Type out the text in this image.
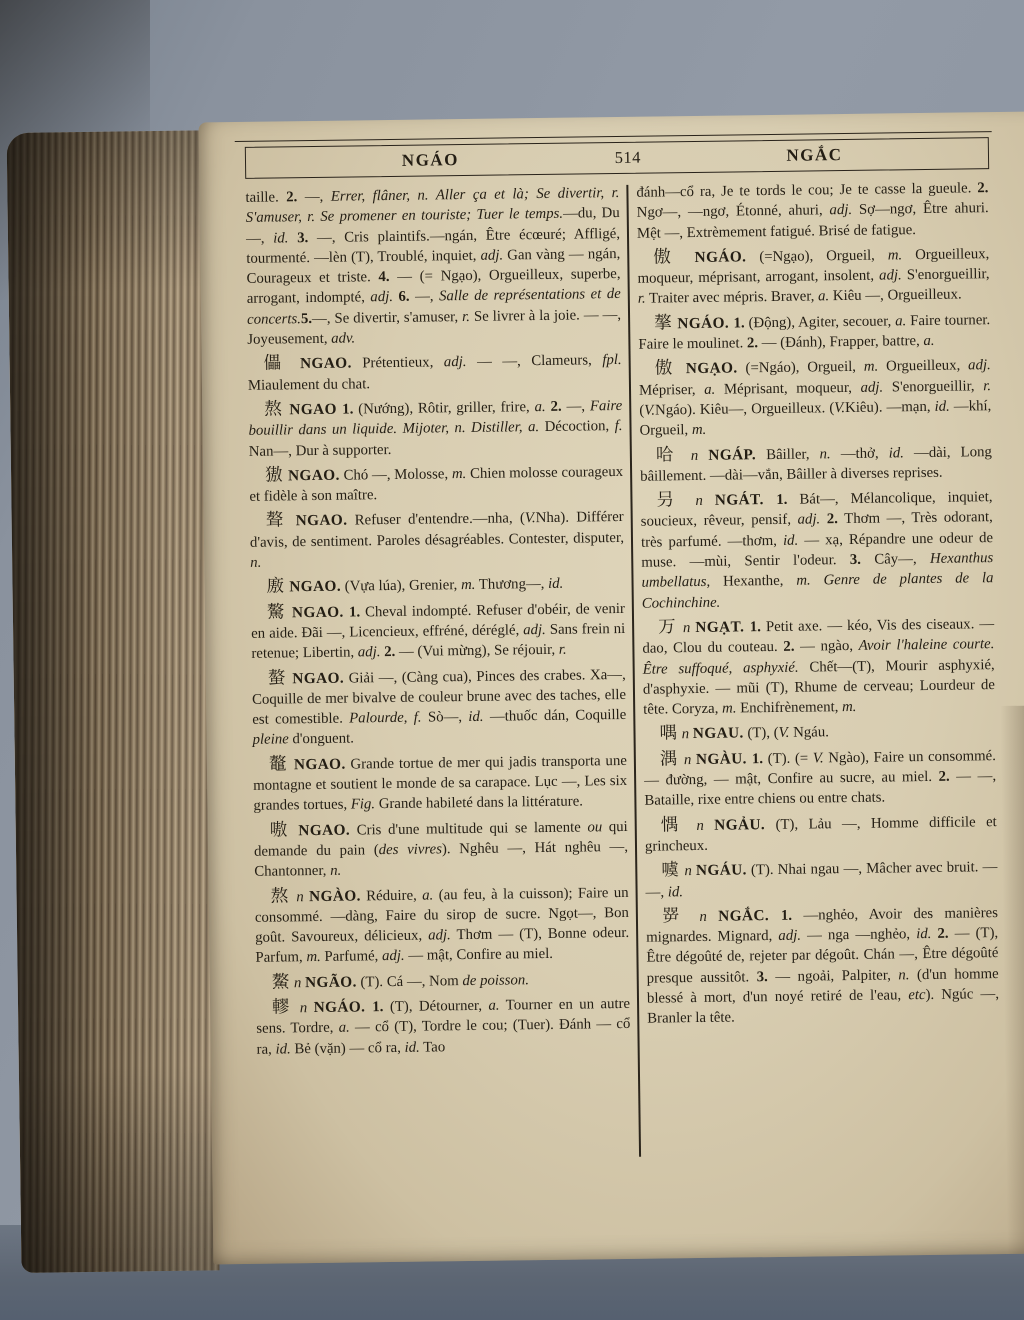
NGÁO	514	NGẮC

taille. 2. —, Errer, flâner, n. Aller ça et là; Se divertir, r. S'amuser, r. Se promener en touriste; Tuer le temps.—du, Du—, id. 3. —, Cris plaintifs.—ngán, Être écœuré; Affligé, tourmenté. —lèn (T), Troublé, inquiet, adj. Gan vàng — ngán, Courageux et triste. 4. — (= Ngạo), Orgueilleux, superbe, arrogant, indompté, adj. 6. —, Salle de représentations et de concerts.5.—, Se divertir, s'amuser, r. Se livrer à la joie. — —, Joyeusement, adv.

儡 NGAO. Prétentieux, adj. — —, Clameurs, fpl. Miaulement du chat.

熬 NGAO 1. (Nướng), Rôtir, griller, frire, a. 2. —, Faire bouillir dans un liquide. Mijoter, n. Distiller, a. Décoction, f. Nan—, Dur à supporter.

獓 NGAO. Chó —, Molosse, m. Chien molosse courageux et fidèle à son maître.

聱 NGAO. Refuser d'entendre.—nha, (V.Nha). Différer d'avis, de sentiment. Paroles désagréables. Contester, disputer, n.

廒 NGAO. (Vựa lúa), Grenier, m. Thương—, id.

驁 NGAO. 1. Cheval indompté. Refuser d'obéir, de venir en aide. Đãi —, Licencieux, effréné, déréglé, adj. Sans frein ni retenue; Libertin, adj. 2. — (Vui mừng), Se réjouir, r.

螯 NGAO. Giải —, (Càng cua), Pinces des crabes. Xa—, Coquille de mer bivalve de couleur brune avec des taches, elle est comestible. Palourde, f. Sò—, id. —thuốc dán, Coquille pleine d'onguent.

鼇 NGAO. Grande tortue de mer qui jadis transporta une montagne et soutient le monde de sa carapace. Lục —, Les six grandes tortues, Fig. Grande habileté dans la littérature.

嗷 NGAO. Cris d'une multitude qui se lamente ou qui demande du pain (des vivres). Nghêu —, Hát nghêu —, Chantonner, n.

熬 n NGÀO. Réduire, a. (au feu, à la cuisson); Faire un consommé. —dàng, Faire du sirop de sucre. Ngọt—, Bon goût. Savoureux, délicieux, adj. Thơm — (T), Bonne odeur. Parfum, m. Parfumé, adj. — mật, Confire au miel.

鰲 n NGÃO. (T). Cá —, Nom de poisson.

轇 n NGÁO. 1. (T), Détourner, a. Tourner en un autre sens. Tordre, a. — cổ (T), Tordre le cou; (Tuer). Đánh — cổ ra, id. Bẻ (vặn) — cổ ra, id. Tao

đánh—cổ ra, Je te tords le cou; Je te casse la gueule. 2. Ngơ—, —ngơ, Étonné, ahuri, adj. Sợ—ngơ, Être ahuri. Mệt —, Extrèmement fatigué. Brisé de fatigue.

傲 NGÁO. (=Ngạo), Orgueil, m. Orgueilleux, moqueur, méprisant, arrogant, insolent, adj. S'enorgueillir, r. Traiter avec mépris. Braver, a. Kiêu —, Orgueilleux.

摮 NGÁO. 1. (Động), Agiter, secouer, a. Faire tourner. Faire le moulinet. 2. — (Đánh), Frapper, battre, a.

傲 NGẠO. (=Ngáo), Orgueil, m. Orgueilleux, adj. Mépriser, a. Méprisant, moqueur, adj. S'enorgueillir, r. (V.Ngáo). Kiêu—, Orgueilleux. (V.Kiêu). —mạn, id. —khí, Orgueil, m.

哈 n NGÁP. Bâiller, n. —thở, id. —dài, Long bâillement. —dài—vắn, Bâiller à diverses reprises.

叧 n NGÁT. 1. Bát—, Mélancolique, inquiet, soucieux, rêveur, pensif, adj. 2. Thơm —, Très odorant, très parfumé. —thơm, id. — xạ, Répandre une odeur de muse. —mùi, Sentir l'odeur. 3. Cây—, Hexanthus umbellatus, Hexanthe, m. Genre de plantes de la Cochinchine.

万 n NGẠT. 1. Petit axe. — kéo, Vis des ciseaux. —dao, Clou du couteau. 2. — ngào, Avoir l'haleine courte. Être suffoqué, asphyxié. Chết—(T), Mourir asphyxié, d'asphyxie. — mũi (T), Rhume de cerveau; Lourdeur de tête. Coryza, m. Enchifrènement, m.

喁 n NGAU. (T), (V. Ngáu.

湡 n NGÀU. 1. (T). (= V. Ngào), Faire un consommé. — đường, — mật, Confire au sucre, au miel. 2. — —, Bataille, rixe entre chiens ou entre chats.

㥥 n NGẢU. (T), Lảu —, Homme difficile et grincheux.

噳 n NGÁU. (T). Nhai ngau —, Mâcher avec bruit. — —, id.

㖾 n NGẮC. 1. —nghẻo, Avoir des manières mignardes. Mignard, adj. — nga —nghẻo, id. 2. — (T), Être dégoûté de, rejeter par dégoût. Chán —, Être dégoûté presque aussitôt. 3. — ngoải, Palpiter, n. (d'un homme blessé à mort, d'un noyé retiré de l'eau, etc). Ngúc —, Branler la tête.
